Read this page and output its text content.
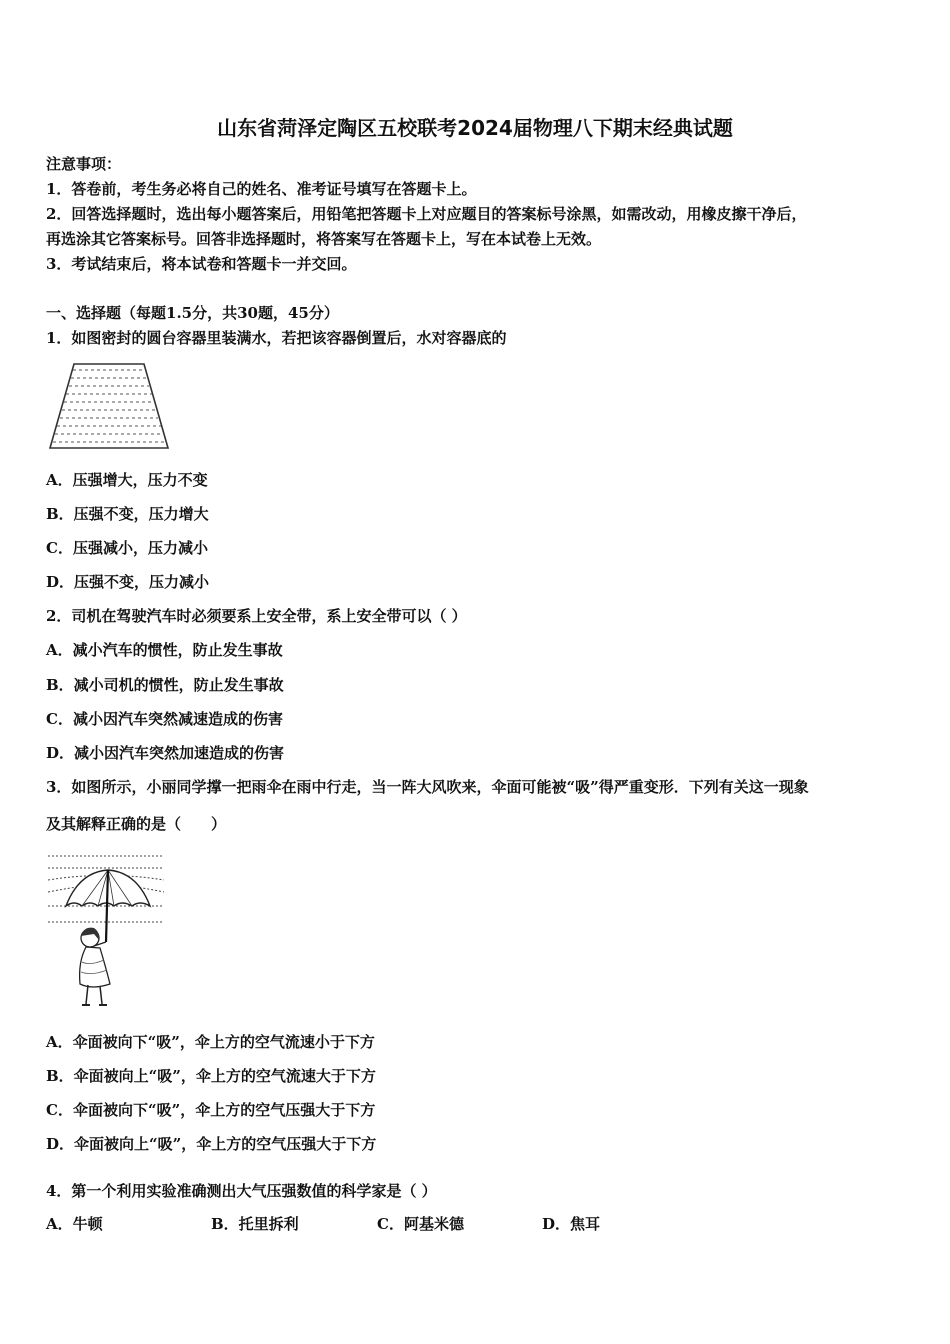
山东省菏泽定陶区五校联考2024届物理八下期末经典试题
注意事项：
1．答卷前，考生务必将自己的姓名、准考证号填写在答题卡上。
2．回答选择题时，选出每小题答案后，用铅笔把答题卡上对应题目的答案标号涂黑，如需改动，用橡皮擦干净后，
再选涂其它答案标号。回答非选择题时，将答案写在答题卡上，写在本试卷上无效。
3．考试结束后，将本试卷和答题卡一并交回。
一、选择题（每题1.5分，共30题，45分）
1．如图密封的圆台容器里装满水，若把该容器倒置后，水对容器底的
A．压强增大，压力不变
B．压强不变，压力增大
C．压强减小，压力减小
D．压强不变，压力减小
2．司机在驾驶汽车时必须要系上安全带，系上安全带可以（ ）
A．减小汽车的惯性，防止发生事故
B．减小司机的惯性，防止发生事故
C．减小因汽车突然减速造成的伤害
D．减小因汽车突然加速造成的伤害
3．如图所示，小丽同学撑一把雨伞在雨中行走，当一阵大风吹来，伞面可能被“吸”得严重变形．下列有关这一现象
及其解释正确的是（　　）
A．伞面被向下“吸”，伞上方的空气流速小于下方
B．伞面被向上“吸”，伞上方的空气流速大于下方
C．伞面被向下“吸”，伞上方的空气压强大于下方
D．伞面被向上“吸”，伞上方的空气压强大于下方
4．第一个利用实验准确测出大气压强数值的科学家是（ ）
A．牛顿	B．托里拆利	C．阿基米德	D．焦耳
